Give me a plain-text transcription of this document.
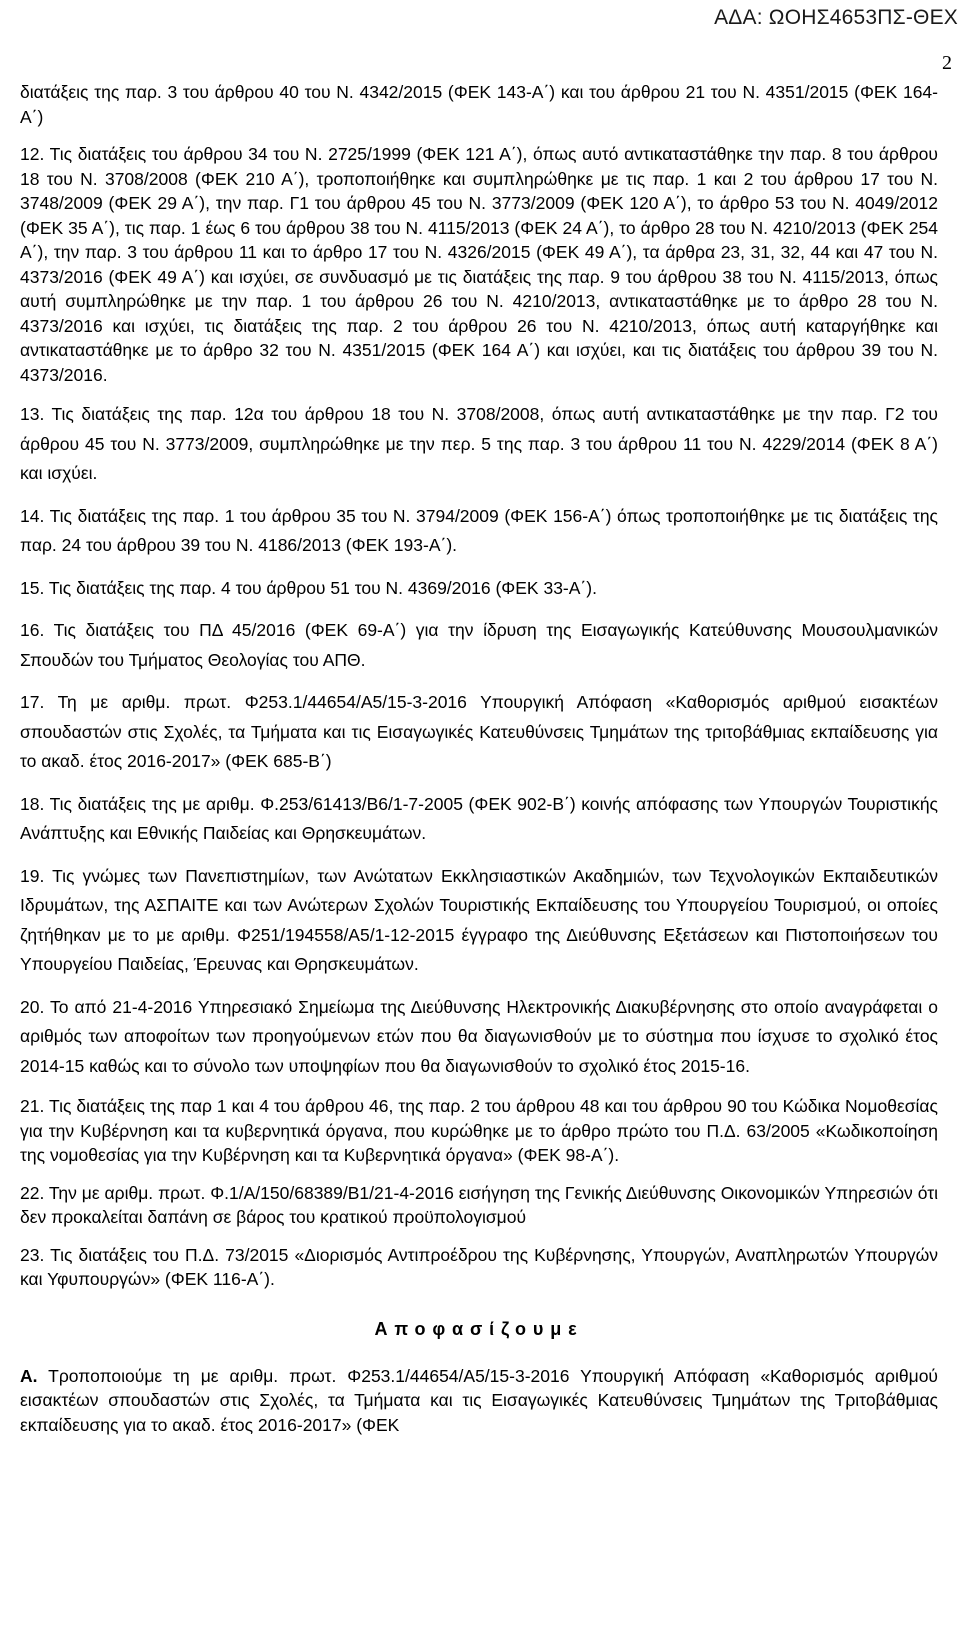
ΑΔΑ: ΩΟΗΣ4653ΠΣ-ΘΕΧ
2

διατάξεις της παρ. 3 του άρθρου 40 του Ν. 4342/2015 (ΦΕΚ 143-Α΄) και του άρθρου 21 του Ν. 4351/2015 (ΦΕΚ 164-Α΄)

12. Τις διατάξεις του άρθρου 34 του Ν. 2725/1999 (ΦΕΚ 121 Α΄), όπως αυτό αντικαταστάθηκε την παρ. 8 του άρθρου 18 του Ν. 3708/2008 (ΦΕΚ 210 Α΄), τροποποιήθηκε και συμπληρώθηκε με τις παρ. 1 και 2 του άρθρου 17 του Ν. 3748/2009 (ΦΕΚ 29 Α΄), την παρ. Γ1 του άρθρου 45 του Ν. 3773/2009 (ΦΕΚ 120 Α΄), το άρθρο 53 του Ν. 4049/2012 (ΦΕΚ 35 Α΄), τις παρ. 1 έως 6 του άρθρου 38 του Ν. 4115/2013 (ΦΕΚ 24 Α΄), το άρθρο 28 του Ν. 4210/2013 (ΦΕΚ 254 Α΄), την παρ. 3 του άρθρου 11 και το άρθρο 17 του Ν. 4326/2015 (ΦΕΚ 49 Α΄), τα άρθρα 23, 31, 32, 44 και 47 του Ν. 4373/2016 (ΦΕΚ 49 Α΄) και ισχύει, σε συνδυασμό με τις διατάξεις της παρ. 9 του άρθρου 38 του Ν. 4115/2013, όπως αυτή συμπληρώθηκε με την παρ. 1 του άρθρου 26 του Ν. 4210/2013, αντικαταστάθηκε με το άρθρο 28 του Ν. 4373/2016 και ισχύει, τις διατάξεις της παρ. 2 του άρθρου 26 του Ν. 4210/2013, όπως αυτή καταργήθηκε και αντικαταστάθηκε με το άρθρο 32 του Ν. 4351/2015 (ΦΕΚ 164 Α΄) και ισχύει, και τις διατάξεις του άρθρου 39 του Ν. 4373/2016.

13. Τις διατάξεις της παρ. 12α του άρθρου 18 του Ν. 3708/2008, όπως αυτή αντικαταστάθηκε με την παρ. Γ2 του άρθρου 45 του Ν. 3773/2009, συμπληρώθηκε με την περ. 5 της παρ. 3 του άρθρου 11 του Ν. 4229/2014 (ΦΕΚ 8 Α΄) και ισχύει.

14. Τις διατάξεις της παρ. 1 του άρθρου 35 του Ν. 3794/2009 (ΦΕΚ 156-Α΄) όπως τροποποιήθηκε με τις διατάξεις της παρ. 24 του άρθρου 39 του Ν. 4186/2013 (ΦΕΚ 193-Α΄).

15. Τις διατάξεις της παρ. 4 του άρθρου 51 του Ν. 4369/2016 (ΦΕΚ 33-Α΄).

16. Τις διατάξεις του ΠΔ 45/2016 (ΦΕΚ 69-Α΄) για την ίδρυση της Εισαγωγικής Κατεύθυνσης Μουσουλμανικών Σπουδών του Τμήματος Θεολογίας του ΑΠΘ.

17. Τη με αριθμ. πρωτ. Φ253.1/44654/Α5/15-3-2016 Υπουργική Απόφαση «Καθορισμός αριθμού εισακτέων σπουδαστών στις Σχολές, τα Τμήματα και τις Εισαγωγικές Κατευθύνσεις Τμημάτων της τριτοβάθμιας εκπαίδευσης για το ακαδ. έτος 2016-2017» (ΦΕΚ 685-Β΄)

18. Τις διατάξεις της με αριθμ. Φ.253/61413/Β6/1-7-2005 (ΦΕΚ 902-Β΄) κοινής απόφασης των Υπουργών Τουριστικής Ανάπτυξης και Εθνικής Παιδείας και Θρησκευμάτων.

19. Τις γνώμες των Πανεπιστημίων, των Ανώτατων Εκκλησιαστικών Ακαδημιών, των Τεχνολογικών Εκπαιδευτικών Ιδρυμάτων, της ΑΣΠΑΙΤΕ και των Ανώτερων Σχολών Τουριστικής Εκπαίδευσης του Υπουργείου Τουρισμού, οι οποίες ζητήθηκαν με το με αριθμ. Φ251/194558/Α5/1-12-2015 έγγραφο της Διεύθυνσης Εξετάσεων και Πιστοποιήσεων του Υπουργείου Παιδείας, Έρευνας και Θρησκευμάτων.

20. Το από 21-4-2016 Υπηρεσιακό Σημείωμα της Διεύθυνσης Ηλεκτρονικής Διακυβέρνησης στο οποίο αναγράφεται ο αριθμός των αποφοίτων των προηγούμενων ετών που θα διαγωνισθούν με το σύστημα που ίσχυσε το σχολικό έτος 2014-15 καθώς και το σύνολο των υποψηφίων που θα διαγωνισθούν το σχολικό έτος 2015-16.

21. Τις διατάξεις της παρ 1 και 4 του άρθρου 46, της παρ. 2 του άρθρου 48 και του άρθρου 90 του Κώδικα Νομοθεσίας για την Κυβέρνηση και τα κυβερνητικά όργανα, που κυρώθηκε με το άρθρο πρώτο του Π.Δ. 63/2005 «Κωδικοποίηση της νομοθεσίας για την Κυβέρνηση και τα Κυβερνητικά όργανα» (ΦΕΚ 98-Α΄).

22. Την με αριθμ. πρωτ. Φ.1/Α/150/68389/Β1/21-4-2016 εισήγηση της Γενικής Διεύθυνσης Οικονομικών Υπηρεσιών ότι δεν προκαλείται δαπάνη σε βάρος του κρατικού προϋπολογισμού

23. Τις διατάξεις του Π.Δ. 73/2015 «Διορισμός Αντιπροέδρου της Κυβέρνησης, Υπουργών, Αναπληρωτών Υπουργών και Υφυπουργών» (ΦΕΚ 116-Α΄).

Αποφασίζουμε

Α. Τροποποιούμε τη με αριθμ. πρωτ. Φ253.1/44654/Α5/15-3-2016 Υπουργική Απόφαση «Καθορισμός αριθμού εισακτέων σπουδαστών στις Σχολές, τα Τμήματα και τις Εισαγωγικές Κατευθύνσεις Τμημάτων της Τριτοβάθμιας εκπαίδευσης για το ακαδ. έτος 2016-2017» (ΦΕΚ
